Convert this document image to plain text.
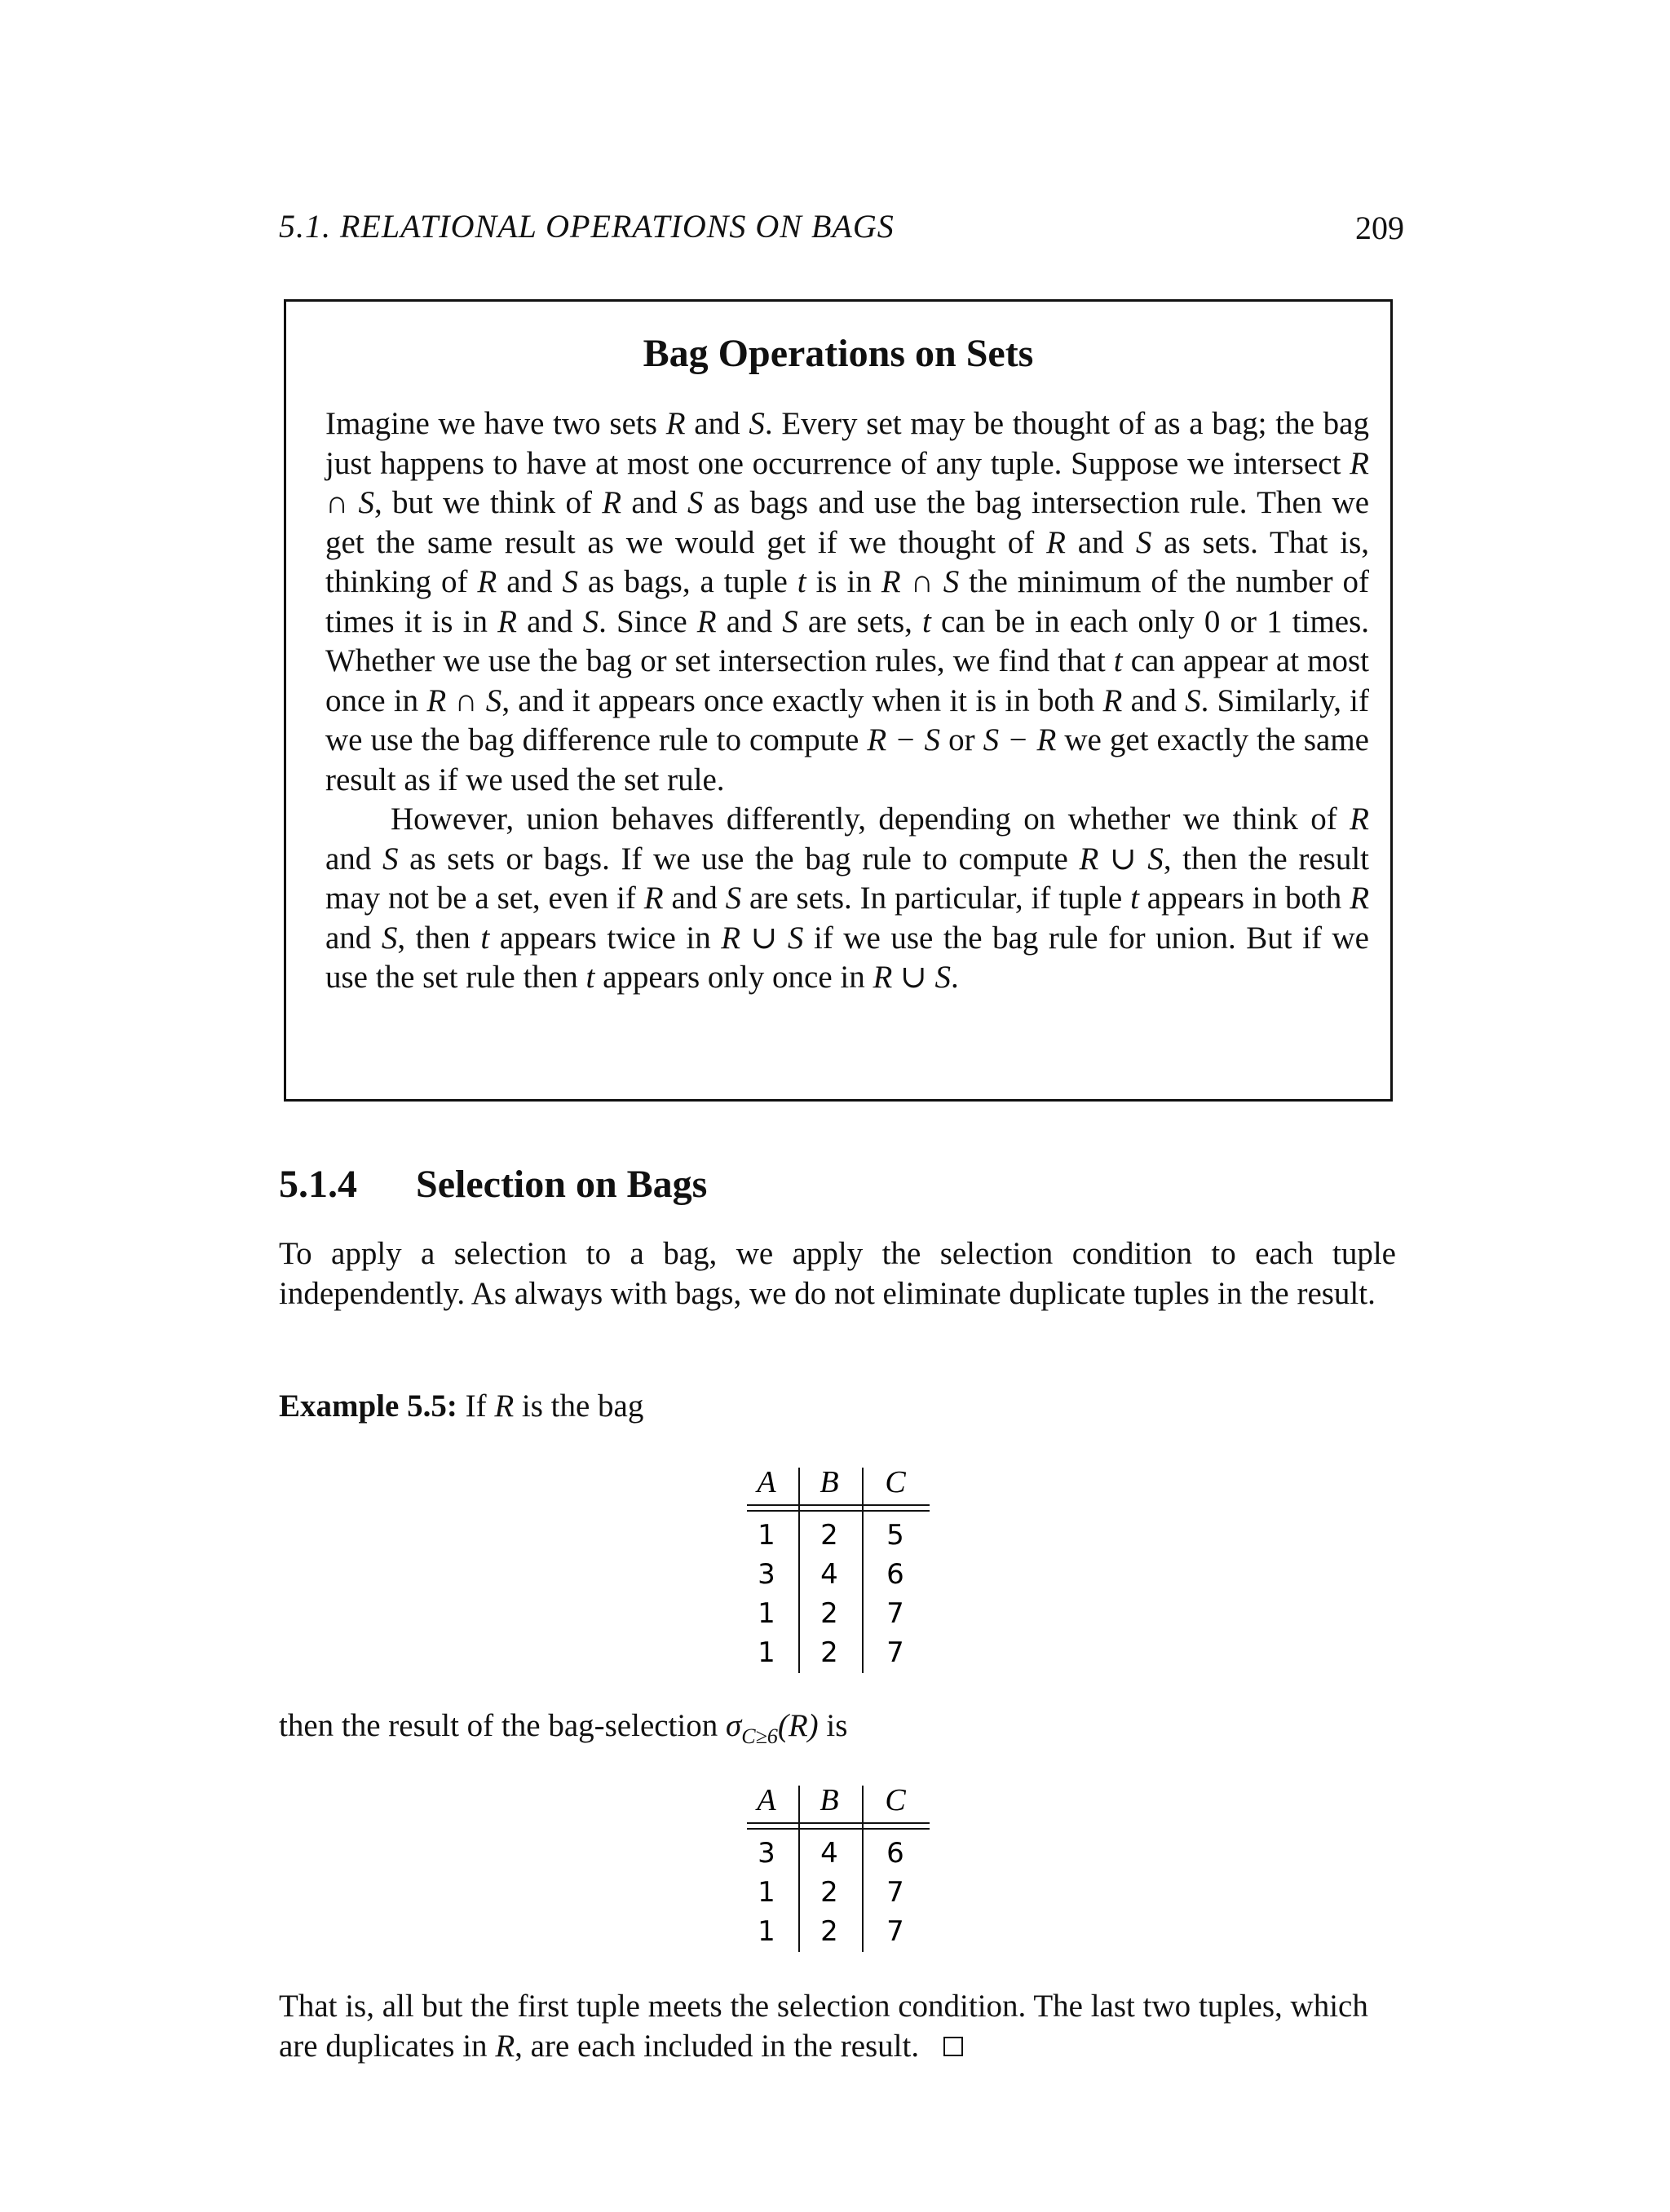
5.1. RELATIONAL OPERATIONS ON BAGS	209
Bag Operations on Sets

Imagine we have two sets R and S. Every set may be thought of as a bag; the bag just happens to have at most one occurrence of any tuple. Suppose we intersect R ∩ S, but we think of R and S as bags and use the bag intersection rule. Then we get the same result as we would get if we thought of R and S as sets. That is, thinking of R and S as bags, a tuple t is in R ∩ S the minimum of the number of times it is in R and S. Since R and S are sets, t can be in each only 0 or 1 times. Whether we use the bag or set intersection rules, we find that t can appear at most once in R ∩ S, and it appears once exactly when it is in both R and S. Similarly, if we use the bag difference rule to compute R − S or S − R we get exactly the same result as if we used the set rule.

However, union behaves differently, depending on whether we think of R and S as sets or bags. If we use the bag rule to compute R ∪ S, then the result may not be a set, even if R and S are sets. In particular, if tuple t appears in both R and S, then t appears twice in R ∪ S if we use the bag rule for union. But if we use the set rule then t appears only once in R ∪ S.

5.1.4 Selection on Bags
To apply a selection to a bag, we apply the selection condition to each tuple independently. As always with bags, we do not eliminate duplicate tuples in the result.
Example 5.5: If R is the bag
A B C
1 2 5
3 4 6
1 2 7
1 2 7
then the result of the bag-selection $\sigma_{C\ge 6}(R)$ is
A B C
3 4 6
1 2 7
1 2 7
That is, all but the first tuple meets the selection condition. The last two tuples, which are duplicates in R, are each included in the result.
